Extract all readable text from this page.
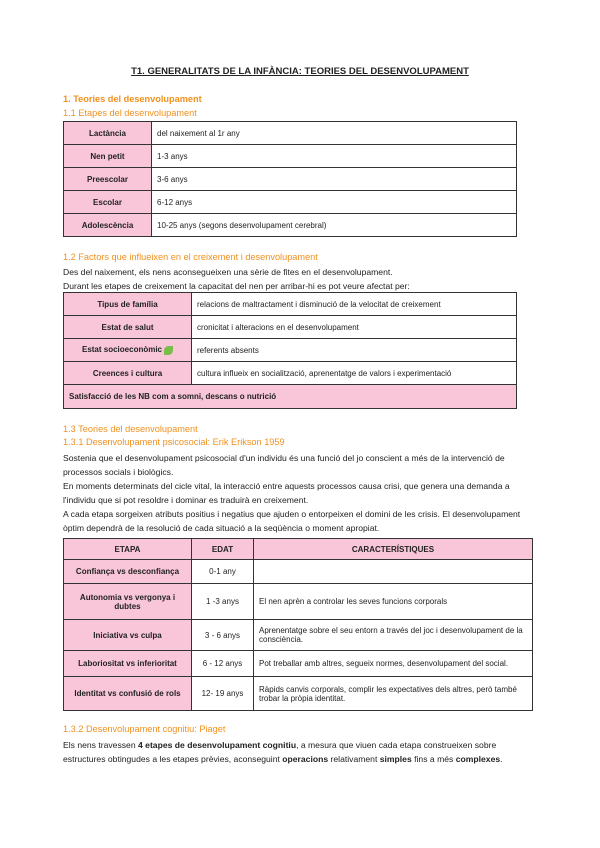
T1. GENERALITATS DE LA INFÀNCIA: TEORIES DEL DESENVOLUPAMENT
1. Teories del desenvolupament
1.1 Etapes del desenvolupament
Lactància	del naixement al 1r any
Nen petit	1-3 anys
Preescolar	3-6 anys
Escolar	6-12 anys
Adolescència	10-25 anys (segons desenvolupament cerebral)
1.2 Factors que influeixen en el creixement i desenvolupament

Des del naixement, els nens aconsegueixen una sèrie de fites en el desenvolupament.

Durant les etapes de creixement la capacitat del nen per arribar-hi es pot veure afectat per:

Tipus de família	relacions de maltractament i disminució de la velocitat de creixement
Estat de salut	cronicitat i alteracions en el desenvolupament
Estat socioeconòmic	referents absents
Creences i cultura	cultura influeix en socialització, aprenentatge de valors i experimentació
Satisfacció de les NB com a somni, descans o nutrició	
1.3 Teories del desenvolupament
1.3.1 Desenvolupament psicosocial: Erik Erikson 1959

Sostenia que el desenvolupament psicosocial d'un individu és una funció del jo conscient a més de la intervenció de processos socials i biològics.

En moments determinats del cicle vital, la interacció entre aquests processos causa crisi, que genera una demanda a l'individu que si pot resoldre i dominar es traduirà en creixement.

A cada etapa sorgeixen atributs positius i negatius que ajuden o entorpeixen el domini de les crisis. El desenvolupament òptim dependrà de la resolució de cada situació a la seqüència o moment apropiat.

ETAPA	EDAT	CARACTERÍSTIQUES
Confiança vs desconfiança	0-1 any	
Autonomia vs vergonya i dubtes	1 -3 anys	El nen aprèn a controlar les seves funcions corporals
Iniciativa vs culpa	3 - 6 anys	Aprenentatge sobre el seu entorn a través del joc i desenvolupament de la consciència.
Laboriositat vs inferioritat	6 - 12 anys	Pot treballar amb altres, segueix normes, desenvolupament del social.
Identitat vs confusió de rols	12- 19 anys	Ràpids canvis corporals, complir les expectatives dels altres, però també trobar la pròpia identitat.
1.3.2 Desenvolupament cognitiu: Piaget

Els nens travessen 4 etapes de desenvolupament cognitiu, a mesura que viuen cada etapa construeixen sobre estructures obtingudes a les etapes prèvies, aconseguint operacions relativament simples fins a més complexes.
